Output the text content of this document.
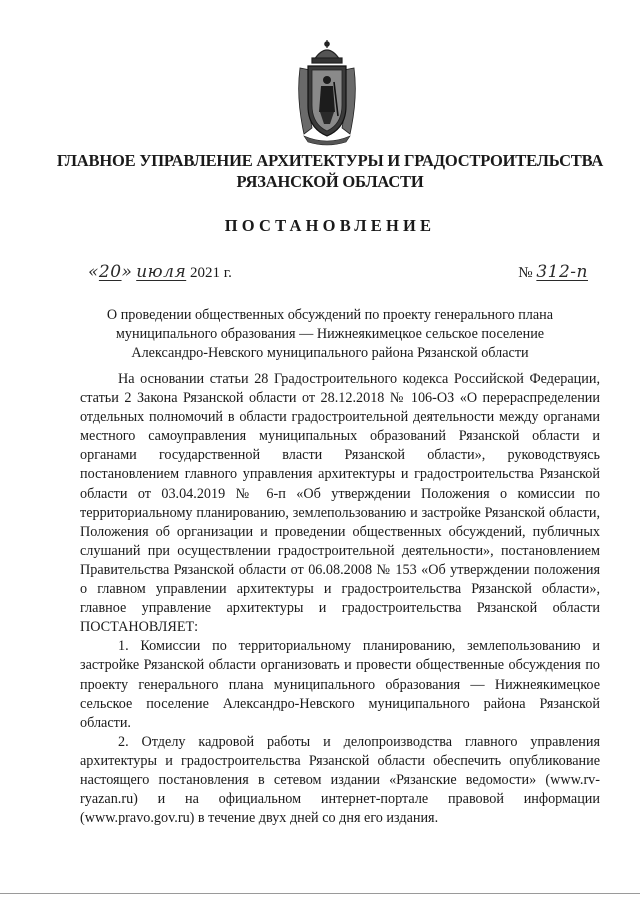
ГЛАВНОЕ УПРАВЛЕНИЕ АРХИТЕКТУРЫ И ГРАДОСТРОИТЕЛЬСТВА
РЯЗАНСКОЙ ОБЛАСТИ
ПОСТАНОВЛЕНИЕ
«20» июля 2021 г.	№ 312-п
О проведении общественных обсуждений по проекту генерального плана
муниципального образования — Нижнеякимецкое сельское поселение
Александро-Невского муниципального района Рязанской области

На основании статьи 28 Градостроительного кодекса Российской Федерации, статьи 2 Закона Рязанской области от 28.12.2018 № 106-ОЗ «О перераспределении отдельных полномочий в области градостроительной деятельности между органами местного самоуправления муниципальных образований Рязанской области и органами государственной власти Рязанской области», руководствуясь постановлением главного управления архитектуры и градостроительства Рязанской области от 03.04.2019 № 6-п «Об утверждении Положения о комиссии по территориальному планированию, землепользованию и застройке Рязанской области, Положения об организации и проведении общественных обсуждений, публичных слушаний при осуществлении градостроительной деятельности», постановлением Правительства Рязанской области от 06.08.2008 № 153 «Об утверждении положения о главном управлении архитектуры и градостроительства Рязанской области», главное управление архитектуры и градостроительства Рязанской области ПОСТАНОВЛЯЕТ:

1. Комиссии по территориальному планированию, землепользованию и застройке Рязанской области организовать и провести общественные обсуждения по проекту генерального плана муниципального образования — Нижнеякимецкое сельское поселение Александро-Невского муниципального района Рязанской области.

2. Отделу кадровой работы и делопроизводства главного управления архитектуры и градостроительства Рязанской области обеспечить опубликование настоящего постановления в сетевом издании «Рязанские ведомости» (www.rv-ryazan.ru) и на официальном интернет-портале правовой информации (www.pravo.gov.ru) в течение двух дней со дня его издания.
